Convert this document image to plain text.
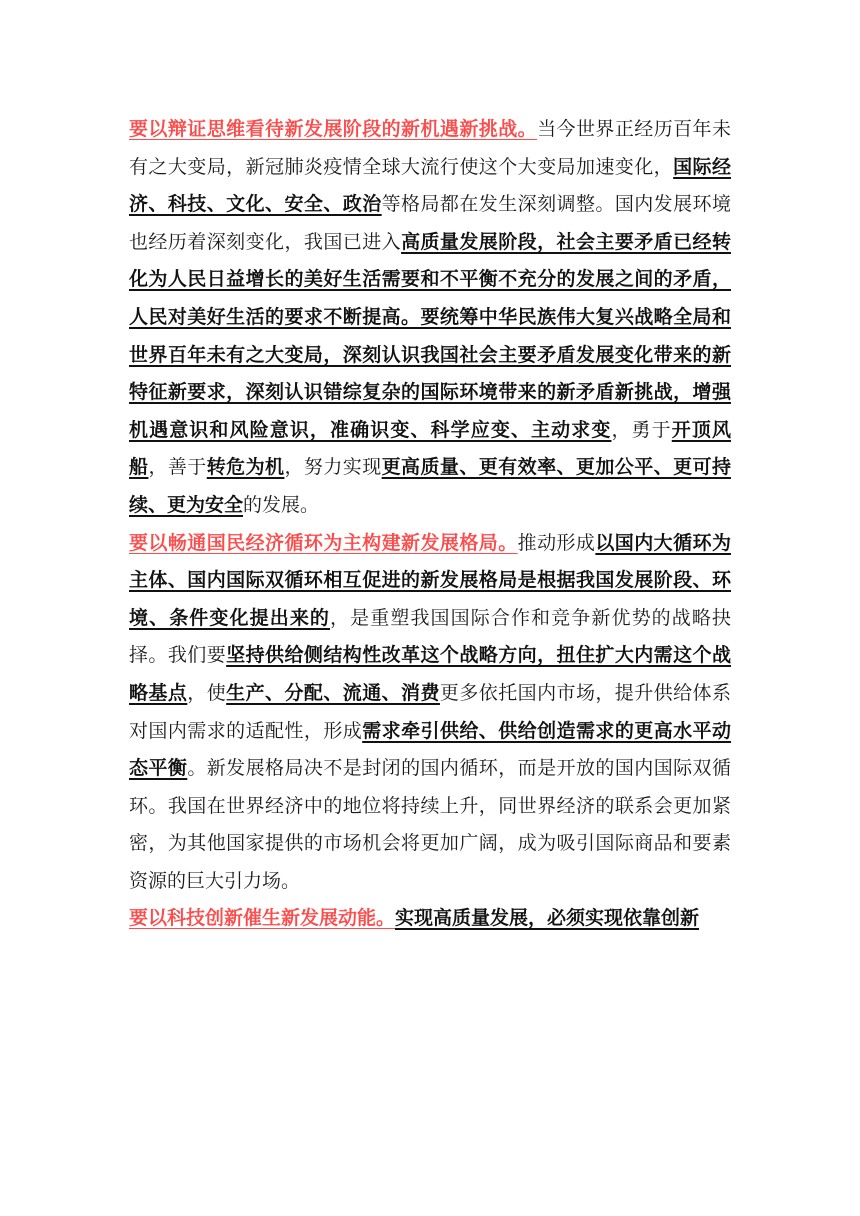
要以辩证思维看待新发展阶段的新机遇新挑战。当今世界正经历百年未有之大变局，新冠肺炎疫情全球大流行使这个大变局加速变化，国际经济、科技、文化、安全、政治等格局都在发生深刻调整。国内发展环境也经历着深刻变化，我国已进入高质量发展阶段，社会主要矛盾已经转化为人民日益增长的美好生活需要和不平衡不充分的发展之间的矛盾，人民对美好生活的要求不断提高。要统筹中华民族伟大复兴战略全局和世界百年未有之大变局，深刻认识我国社会主要矛盾发展变化带来的新特征新要求，深刻认识错综复杂的国际环境带来的新矛盾新挑战，增强机遇意识和风险意识，准确识变、科学应变、主动求变，勇于开顶风船，善于转危为机，努力实现更高质量、更有效率、更加公平、更可持续、更为安全的发展。

要以畅通国民经济循环为主构建新发展格局。推动形成以国内大循环为主体、国内国际双循环相互促进的新发展格局是根据我国发展阶段、环境、条件变化提出来的，是重塑我国国际合作和竞争新优势的战略抉择。我们要坚持供给侧结构性改革这个战略方向，扭住扩大内需这个战略基点，使生产、分配、流通、消费更多依托国内市场，提升供给体系对国内需求的适配性，形成需求牵引供给、供给创造需求的更高水平动态平衡。新发展格局决不是封闭的国内循环，而是开放的国内国际双循环。我国在世界经济中的地位将持续上升，同世界经济的联系会更加紧密，为其他国家提供的市场机会将更加广阔，成为吸引国际商品和要素资源的巨大引力场。

要以科技创新催生新发展动能。实现高质量发展，必须实现依靠创新
